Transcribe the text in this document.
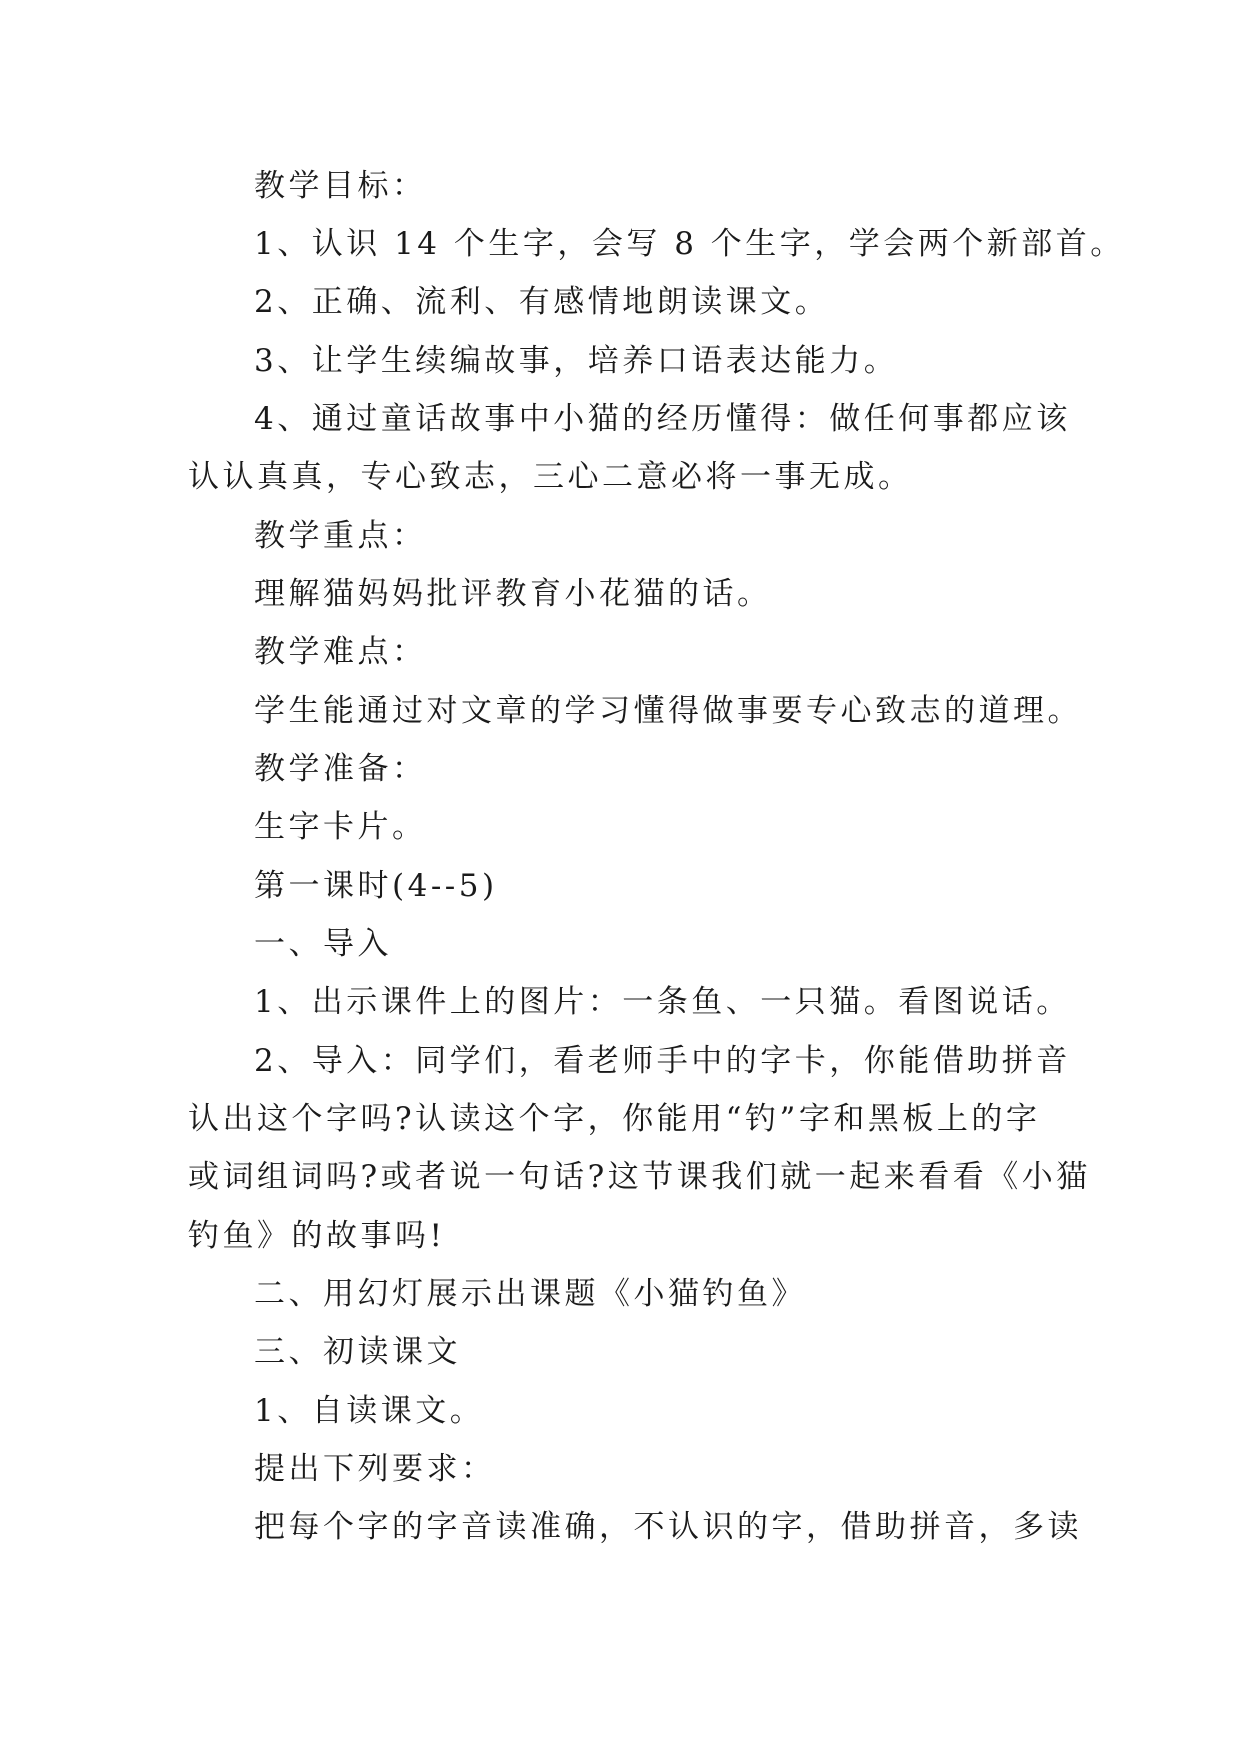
教学目标：
1、认识 14 个生字，会写 8 个生字，学会两个新部首。
2、正确、流利、有感情地朗读课文。
3、让学生续编故事，培养口语表达能力。
4、通过童话故事中小猫的经历懂得：做任何事都应该
认认真真，专心致志，三心二意必将一事无成。
教学重点：
理解猫妈妈批评教育小花猫的话。
教学难点：
学生能通过对文章的学习懂得做事要专心致志的道理。
教学准备：
生字卡片。
第一课时(4--5)
一、导入
1、出示课件上的图片：一条鱼、一只猫。看图说话。
2、导入：同学们，看老师手中的字卡，你能借助拼音
认出这个字吗?认读这个字，你能用“钓”字和黑板上的字
或词组词吗?或者说一句话?这节课我们就一起来看看《小猫
钓鱼》的故事吗!
二、用幻灯展示出课题《小猫钓鱼》
三、初读课文
1、自读课文。
提出下列要求：
把每个字的字音读准确，不认识的字，借助拼音，多读
